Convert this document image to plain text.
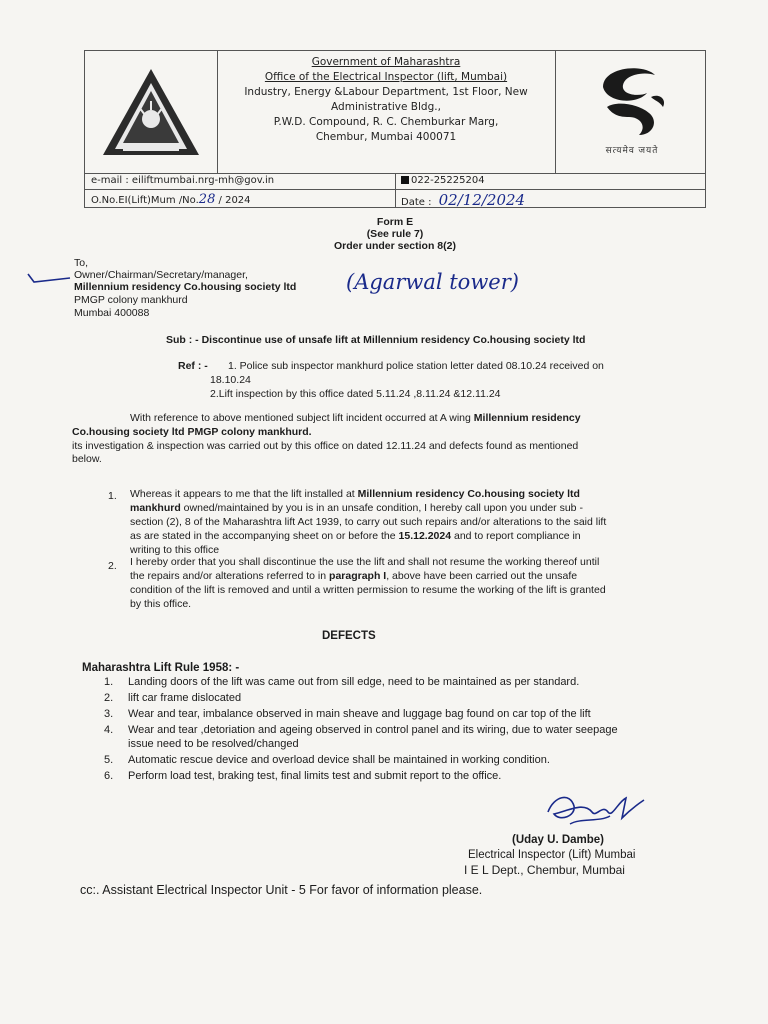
Government of Maharashtra
Office of the Electrical Inspector (lift, Mumbai)
Industry, Energy &Labour Department, 1st Floor, New
Administrative Bldg.,
P.W.D. Compound, R. C. Chemburkar Marg,
Chembur, Mumbai 400071
सत्यमेव जयते
e-mail : eiliftmumbai.nrg-mh@gov.in	022-25225204
O.No.EI(Lift)Mum /No.28 / 2024	Date : 02/12/2024
Form E
(See rule 7)
Order under section 8(2)
To,
Owner/Chairman/Secretary/manager,
Millennium residency Co.housing society ltd
PMGP colony mankhurd
Mumbai 400088
(Agarwal tower)
Sub : - Discontinue use of unsafe lift at Millennium residency Co.housing society ltd
Ref : - 1. Police sub inspector mankhurd police station letter dated 08.10.24 received on
18.10.24
2.Lift inspection by this office dated 5.11.24 ,8.11.24 &12.11.24
With reference to above mentioned subject lift incident occurred at A wing Millennium residency
Co.housing society ltd PMGP colony mankhurd.
its investigation & inspection was carried out by this office on dated 12.11.24 and defects found as mentioned
below.
1. Whereas it appears to me that the lift installed at Millennium residency Co.housing society ltd
mankhurd owned/maintained by you is in an unsafe condition, I hereby call upon you under sub -
section (2), 8 of the Maharashtra lift Act 1939, to carry out such repairs and/or alterations to the said lift
as are stated in the accompanying sheet on or before the 15.12.2024 and to report compliance in
writing to this office
2. I hereby order that you shall discontinue the use the lift and shall not resume the working thereof until
the repairs and/or alterations referred to in paragraph I, above have been carried out the unsafe
condition of the lift is removed and until a written permission to resume the working of the lift is granted
by this office.
DEFECTS
Maharashtra Lift Rule 1958: -
1. Landing doors of the lift was came out from sill edge, need to be maintained as per standard.
2. lift car frame dislocated
3. Wear and tear, imbalance observed in main sheave and luggage bag found on car top of the lift
4. Wear and tear ,detoriation and ageing observed in control panel and its wiring, due to water seepage
issue need to be resolved/changed
5. Automatic rescue device and overload device shall be maintained in working condition.
6. Perform load test, braking test, final limits test and submit report to the office.
(Uday U. Dambe)
Electrical Inspector (Lift) Mumbai
I E L Dept., Chembur, Mumbai
cc:. Assistant Electrical Inspector Unit - 5 For favor of information please.
